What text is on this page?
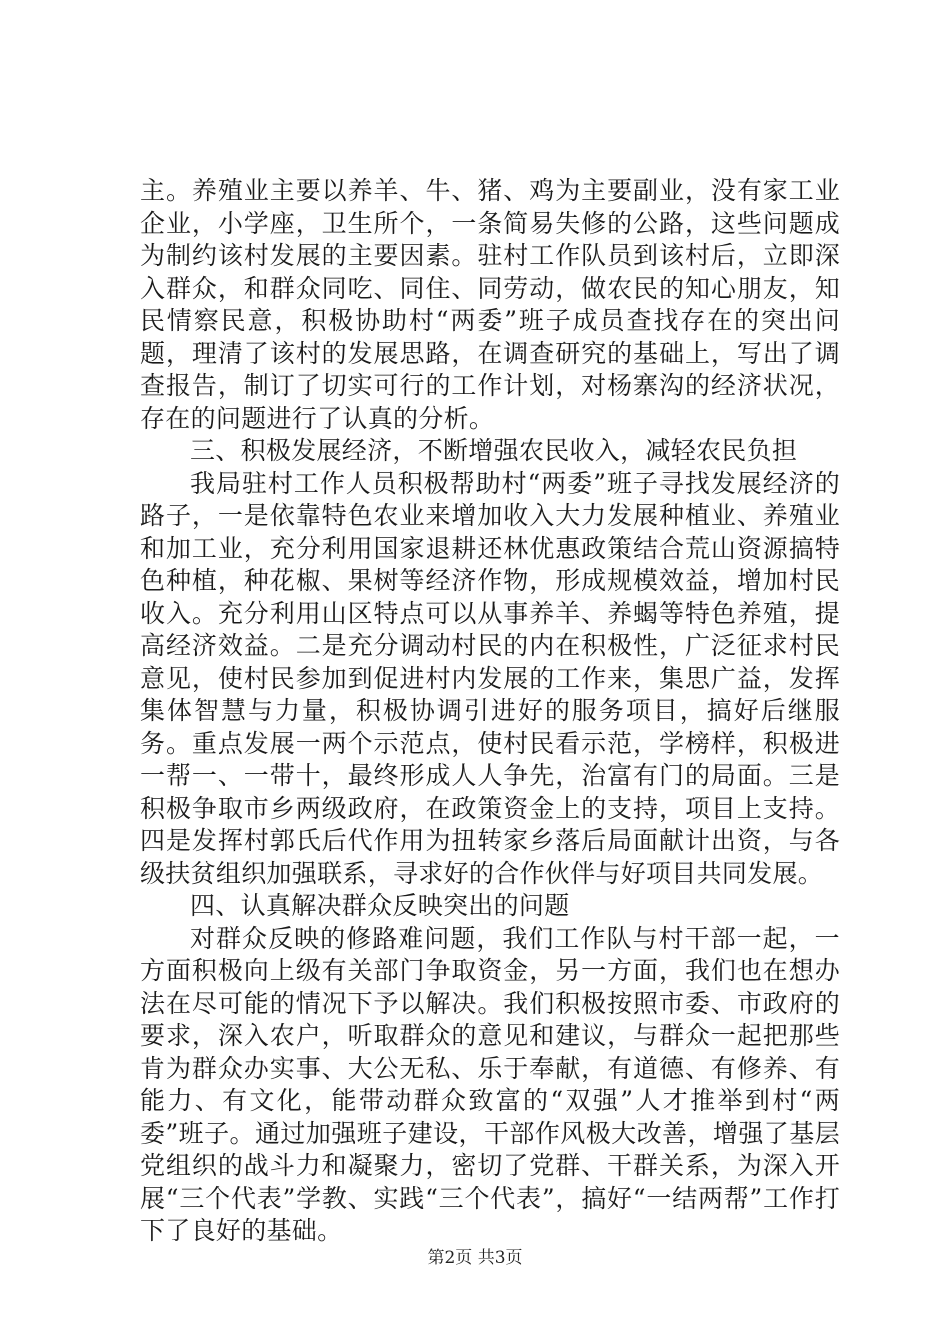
主。养殖业主要以养羊、牛、猪、鸡为主要副业，没有家工业企业，小学座，卫生所个，一条简易失修的公路，这些问题成为制约该村发展的主要因素。驻村工作队员到该村后，立即深入群众，和群众同吃、同住、同劳动，做农民的知心朋友，知民情察民意，积极协助村“两委”班子成员查找存在的突出问题，理清了该村的发展思路，在调查研究的基础上，写出了调查报告，制订了切实可行的工作计划，对杨寨沟的经济状况，存在的问题进行了认真的分析。

三、积极发展经济，不断增强农民收入，减轻农民负担

我局驻村工作人员积极帮助村“两委”班子寻找发展经济的路子，一是依靠特色农业来增加收入大力发展种植业、养殖业和加工业，充分利用国家退耕还林优惠政策结合荒山资源搞特色种植，种花椒、果树等经济作物，形成规模效益，增加村民收入。充分利用山区特点可以从事养羊、养蝎等特色养殖，提高经济效益。二是充分调动村民的内在积极性，广泛征求村民意见，使村民参加到促进村内发展的工作来，集思广益，发挥集体智慧与力量，积极协调引进好的服务项目，搞好后继服务。重点发展一两个示范点，使村民看示范，学榜样，积极进一帮一、一带十，最终形成人人争先，治富有门的局面。三是积极争取市乡两级政府，在政策资金上的支持，项目上支持。四是发挥村郭氏后代作用为扭转家乡落后局面献计出资，与各级扶贫组织加强联系，寻求好的合作伙伴与好项目共同发展。

四、认真解决群众反映突出的问题

对群众反映的修路难问题，我们工作队与村干部一起，一方面积极向上级有关部门争取资金，另一方面，我们也在想办法在尽可能的情况下予以解决。我们积极按照市委、市政府的要求，深入农户，听取群众的意见和建议，与群众一起把那些肯为群众办实事、大公无私、乐于奉献，有道德、有修养、有能力、有文化，能带动群众致富的“双强”人才推举到村“两委”班子。通过加强班子建设，干部作风极大改善，增强了基层党组织的战斗力和凝聚力，密切了党群、干群关系，为深入开展“三个代表”学教、实践“三个代表”，搞好“一结两帮”工作打下了良好的基础。

第2页 共3页
